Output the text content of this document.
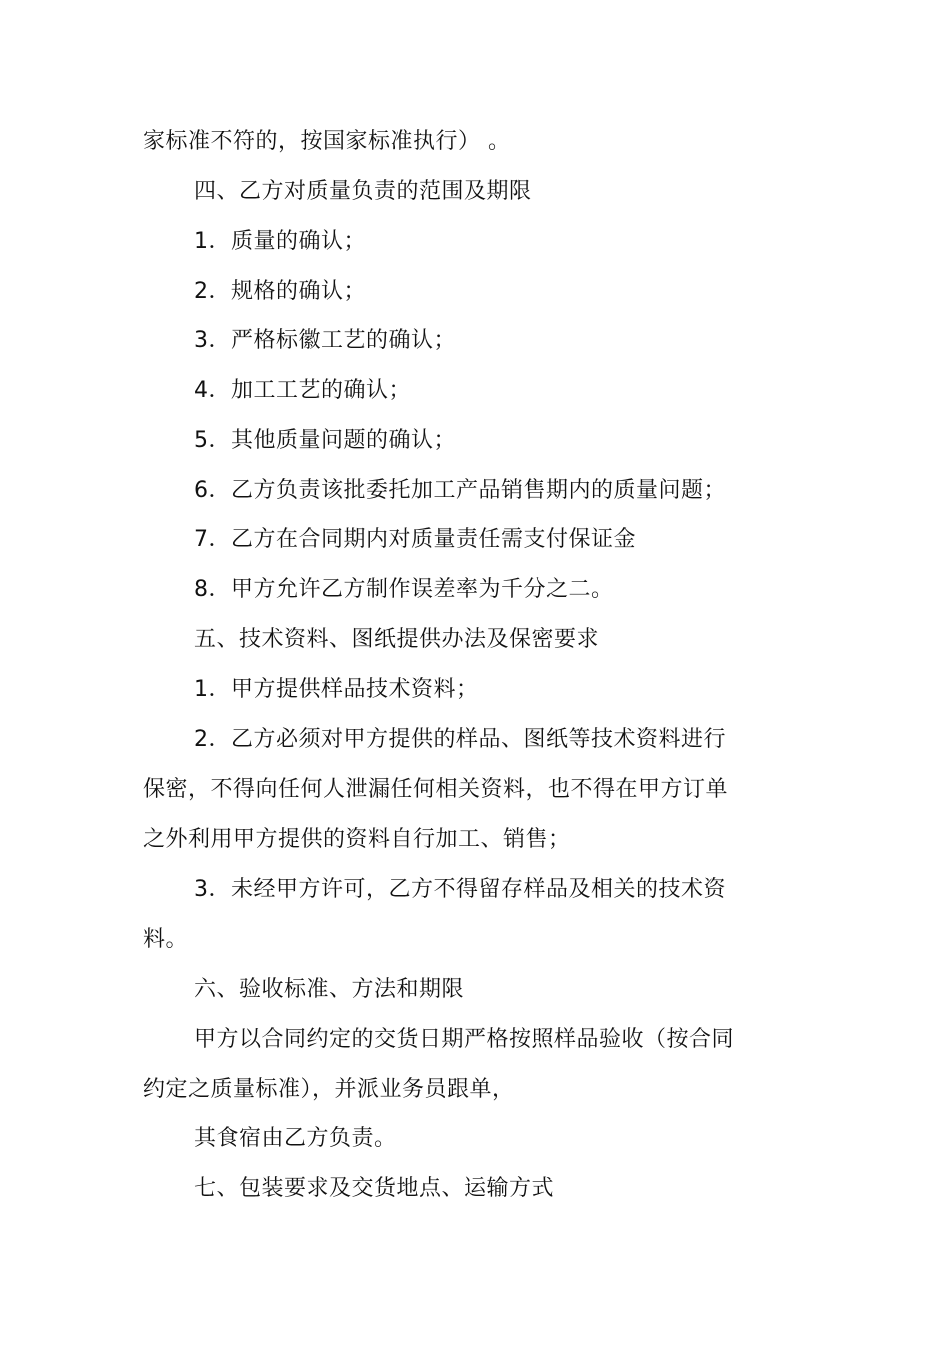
家标准不符的，按国家标准执行） 。
四、乙方对质量负责的范围及期限
1．质量的确认；
2．规格的确认；
3．严格标徽工艺的确认；
4．加工工艺的确认；
5．其他质量问题的确认；
6．乙方负责该批委托加工产品销售期内的质量问题；
7．乙方在合同期内对质量责任需支付保证金
8．甲方允许乙方制作误差率为千分之二。
五、技术资料、图纸提供办法及保密要求
1．甲方提供样品技术资料；
2．乙方必须对甲方提供的样品、图纸等技术资料进行
保密，不得向任何人泄漏任何相关资料，也不得在甲方订单
之外利用甲方提供的资料自行加工、销售；
3．未经甲方许可，乙方不得留存样品及相关的技术资
料。
六、验收标准、方法和期限
甲方以合同约定的交货日期严格按照样品验收（按合同
约定之质量标准），并派业务员跟单，
其食宿由乙方负责。
七、包装要求及交货地点、运输方式
